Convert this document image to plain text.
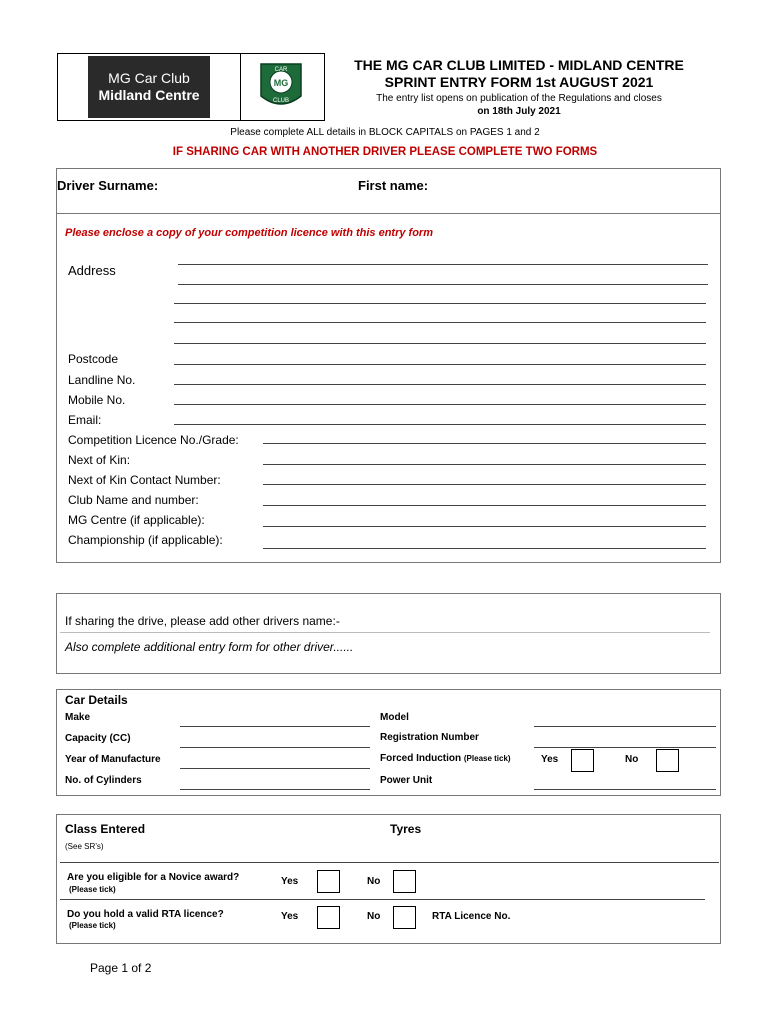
MG Car Club
Midland Centre
CAR
MG
CLUB
THE MG CAR CLUB LIMITED - MIDLAND CENTRE
SPRINT ENTRY FORM 1st AUGUST 2021
The entry list opens on publication of the Regulations and closes
on 18th July 2021
Please complete ALL details in BLOCK CAPITALS on PAGES 1 and 2
IF SHARING CAR WITH ANOTHER DRIVER PLEASE COMPLETE TWO FORMS
Driver Surname:	First name:
Please enclose a copy of your competition licence with this entry form
Address
Postcode
Landline No.
Mobile No.
Email:
Competition Licence No./Grade:
Next of Kin:
Next of Kin Contact Number:
Club Name and number:
MG Centre (if applicable):
Championship (if applicable):
If sharing the drive, please add other drivers name:-
Also complete additional entry form for other driver......
Car Details
Make	Model
Capacity (CC)	Registration Number
Year of Manufacture	Forced Induction (Please tick)	Yes	No
No. of Cylinders	Power Unit
Class Entered	Tyres
(See SR’s)
Are you eligible for a Novice award?
(Please tick)
Yes	No
Do you hold a valid RTA licence?
(Please tick)
Yes	No	RTA Licence No.
Page 1 of 2
